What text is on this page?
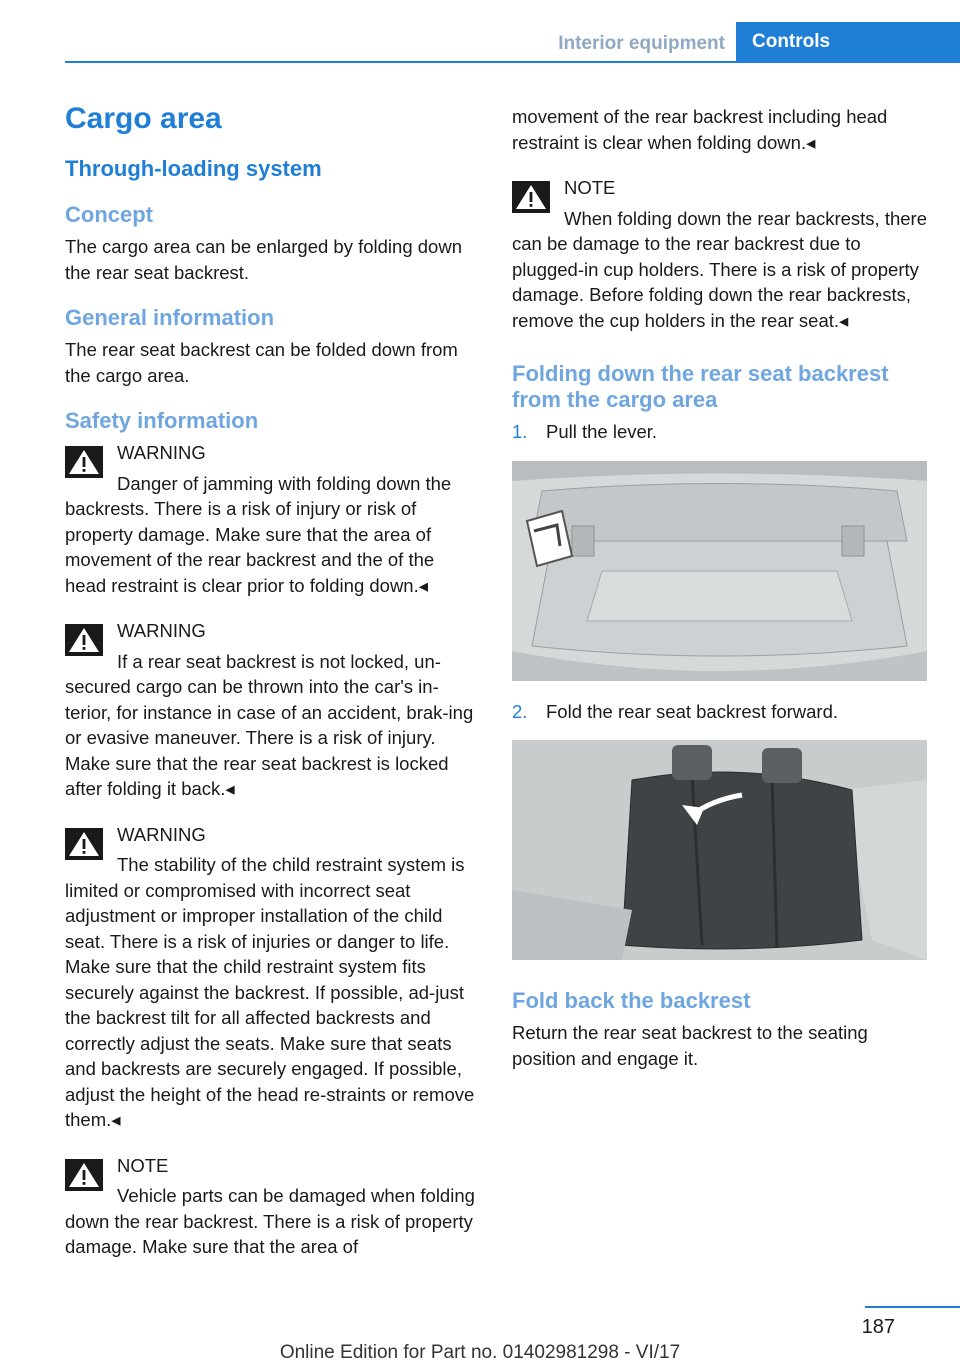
Interior equipment	Controls
Cargo area
Through-loading system
Concept

The cargo area can be enlarged by folding down the rear seat backrest.

General information

The rear seat backrest can be folded down from the cargo area.

Safety information
WARNING
Danger of jamming with folding down the backrests. There is a risk of injury or risk of property damage. Make sure that the area of movement of the rear backrest and the of the head restraint is clear prior to folding down.◂
WARNING
If a rear seat backrest is not locked, un-secured cargo can be thrown into the car's in-terior, for instance in case of an accident, brak-ing or evasive maneuver. There is a risk of injury. Make sure that the rear seat backrest is locked after folding it back.◂
WARNING
The stability of the child restraint system is limited or compromised with incorrect seat adjustment or improper installation of the child seat. There is a risk of injuries or danger to life. Make sure that the child restraint system fits securely against the backrest. If possible, ad-just the backrest tilt for all affected backrests and correctly adjust the seats. Make sure that seats and backrests are securely engaged. If possible, adjust the height of the head re-straints or remove them.◂
NOTE
Vehicle parts can be damaged when folding down the rear backrest. There is a risk of property damage. Make sure that the area of

movement of the rear backrest including head restraint is clear when folding down.◂

NOTE
When folding down the rear backrests, there can be damage to the rear backrest due to plugged-in cup holders. There is a risk of property damage. Before folding down the rear backrests, remove the cup holders in the rear seat.◂
Folding down the rear seat backrest from the cargo area
1.	Pull the lever.
2.	Fold the rear seat backrest forward.
Fold back the backrest

Return the rear seat backrest to the seating position and engage it.

187
Online Edition for Part no. 01402981298 - VI/17
